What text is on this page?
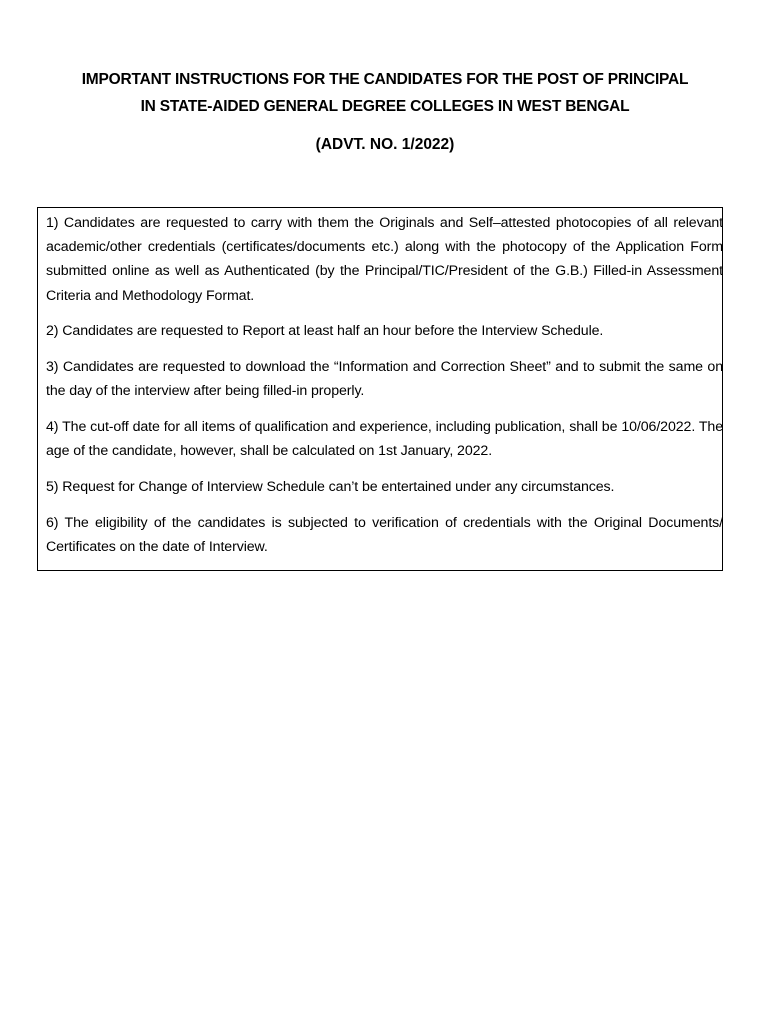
IMPORTANT INSTRUCTIONS FOR THE CANDIDATES FOR THE POST OF PRINCIPAL
IN STATE-AIDED GENERAL DEGREE COLLEGES IN WEST BENGAL
(ADVT. NO. 1/2022)

1) Candidates are requested to carry with them the Originals and Self–attested photocopies of all relevant academic/other credentials (certificates/documents etc.) along with the photocopy of the Application Form submitted online as well as Authenticated (by the Principal/TIC/President of the G.B.) Filled-in Assessment Criteria and Methodology Format.

2) Candidates are requested to Report at least half an hour before the Interview Schedule.

3) Candidates are requested to download the “Information and Correction Sheet” and to submit the same on the day of the interview after being filled-in properly.

4) The cut-off date for all items of qualification and experience, including publication, shall be 10/06/2022. The age of the candidate, however, shall be calculated on 1st January, 2022.

5) Request for Change of Interview Schedule can’t be entertained under any circumstances.

6) The eligibility of the candidates is subjected to verification of credentials with the Original Documents/ Certificates on the date of Interview.
